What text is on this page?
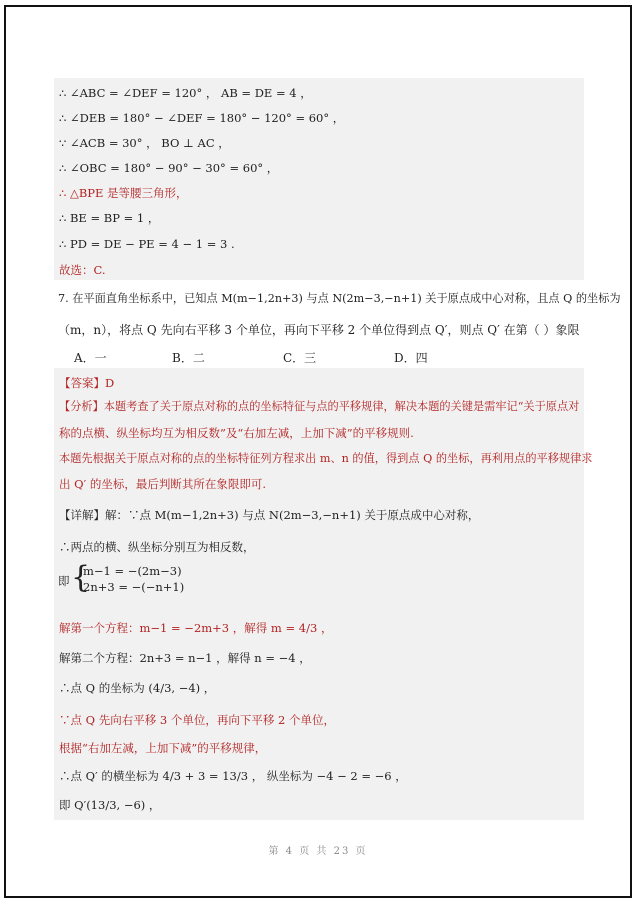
∴ ∠ABC = ∠DEF = 120° ， AB = DE = 4 ，
∴ ∠DEB = 180° − ∠DEF = 180° − 120° = 60° ，
∵ ∠ACB = 30° ， BO ⊥ AC ，
∴ ∠OBC = 180° − 90° − 30° = 60° ，
∴ △BPE 是等腰三角形，
∴ BE = BP = 1 ，
∴ PD = DE − PE = 4 − 1 = 3 .
故选：C.
7. 在平面直角坐标系中，已知点 M(m−1,2n+3) 与点 N(2m−3,−n+1) 关于原点成中心对称，且点 Q 的坐标为
（m，n），将点 Q 先向右平移 3 个单位，再向下平移 2 个单位得到点 Q′，则点 Q′ 在第（ ）象限
A．一	B．二	C．三	D．四
【答案】D
【分析】本题考查了关于原点对称的点的坐标特征与点的平移规律，解决本题的关键是需牢记“关于原点对
称的点横、纵坐标均互为相反数”及“右加左减，上加下减”的平移规则.
本题先根据关于原点对称的点的坐标特征列方程求出 m、n 的值，得到点 Q 的坐标，再利用点的平移规律求
出 Q′ 的坐标，最后判断其所在象限即可.
【详解】解：∵点 M(m−1,2n+3) 与点 N(2m−3,−n+1) 关于原点成中心对称，
∴两点的横、纵坐标分别互为相反数，
即 {
m−1 = −(2m−3)
2n+3 = −(−n+1)
解第一个方程：m−1 = −2m+3 ，解得 m = 4/3 ，
解第二个方程：2n+3 = n−1 ，解得 n = −4 ，
∴点 Q 的坐标为 (4/3, −4) ，
∵点 Q 先向右平移 3 个单位，再向下平移 2 个单位，
根据“右加左减，上加下减”的平移规律，
∴点 Q′ 的横坐标为 4/3 + 3 = 13/3 ， 纵坐标为 −4 − 2 = −6 ，
即 Q′(13/3, −6) ，
第 4 页 共 23 页
